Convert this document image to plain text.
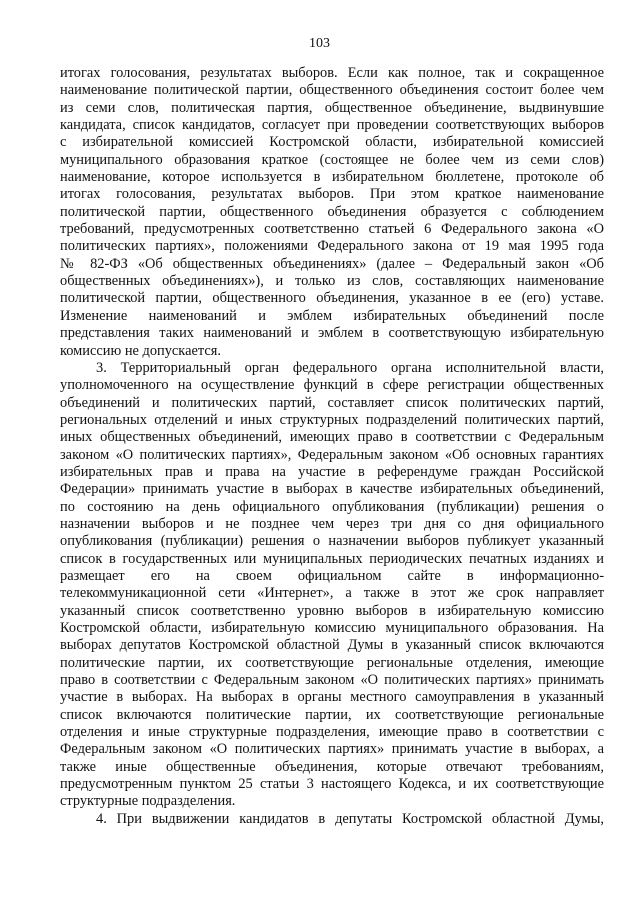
103
итогах голосования, результатах выборов. Если как полное, так и сокращенное
наименование политической партии, общественного объединения состоит более чем
из семи слов, политическая партия, общественное объединение, выдвинувшие
кандидата, список кандидатов, согласует при проведении соответствующих выборов
с избирательной комиссией Костромской области, избирательной комиссией
муниципального образования краткое (состоящее не более чем из семи слов)
наименование, которое используется в избирательном бюллетене, протоколе об
итогах голосования, результатах выборов. При этом краткое наименование
политической партии, общественного объединения образуется с соблюдением
требований, предусмотренных соответственно статьей 6 Федерального закона «О
политических партиях», положениями Федерального закона от 19 мая 1995 года
№ 82-ФЗ «Об общественных объединениях» (далее – Федеральный закон «Об
общественных объединениях»), и только из слов, составляющих наименование
политической партии, общественного объединения, указанное в ее (его) уставе.
Изменение наименований и эмблем избирательных объединений после
представления таких наименований и эмблем в соответствующую избирательную
комиссию не допускается.
3. Территориальный орган федерального органа исполнительной власти,
уполномоченного на осуществление функций в сфере регистрации общественных
объединений и политических партий, составляет список политических партий,
региональных отделений и иных структурных подразделений политических партий,
иных общественных объединений, имеющих право в соответствии с Федеральным
законом «О политических партиях», Федеральным законом «Об основных гарантиях
избирательных прав и права на участие в референдуме граждан Российской
Федерации» принимать участие в выборах в качестве избирательных объединений,
по состоянию на день официального опубликования (публикации) решения о
назначении выборов и не позднее чем через три дня со дня официального
опубликования (публикации) решения о назначении выборов публикует указанный
список в государственных или муниципальных периодических печатных изданиях и
размещает его на своем официальном сайте в информационно-
телекоммуникационной сети «Интернет», а также в этот же срок направляет
указанный список соответственно уровню выборов в избирательную комиссию
Костромской области, избирательную комиссию муниципального образования. На
выборах депутатов Костромской областной Думы в указанный список включаются
политические партии, их соответствующие региональные отделения, имеющие
право в соответствии с Федеральным законом «О политических партиях» принимать
участие в выборах. На выборах в органы местного самоуправления в указанный
список включаются политические партии, их соответствующие региональные
отделения и иные структурные подразделения, имеющие право в соответствии с
Федеральным законом «О политических партиях» принимать участие в выборах, а
также иные общественные объединения, которые отвечают требованиям,
предусмотренным пунктом 25 статьи 3 настоящего Кодекса, и их соответствующие
структурные подразделения.
4. При выдвижении кандидатов в депутаты Костромской областной Думы,
